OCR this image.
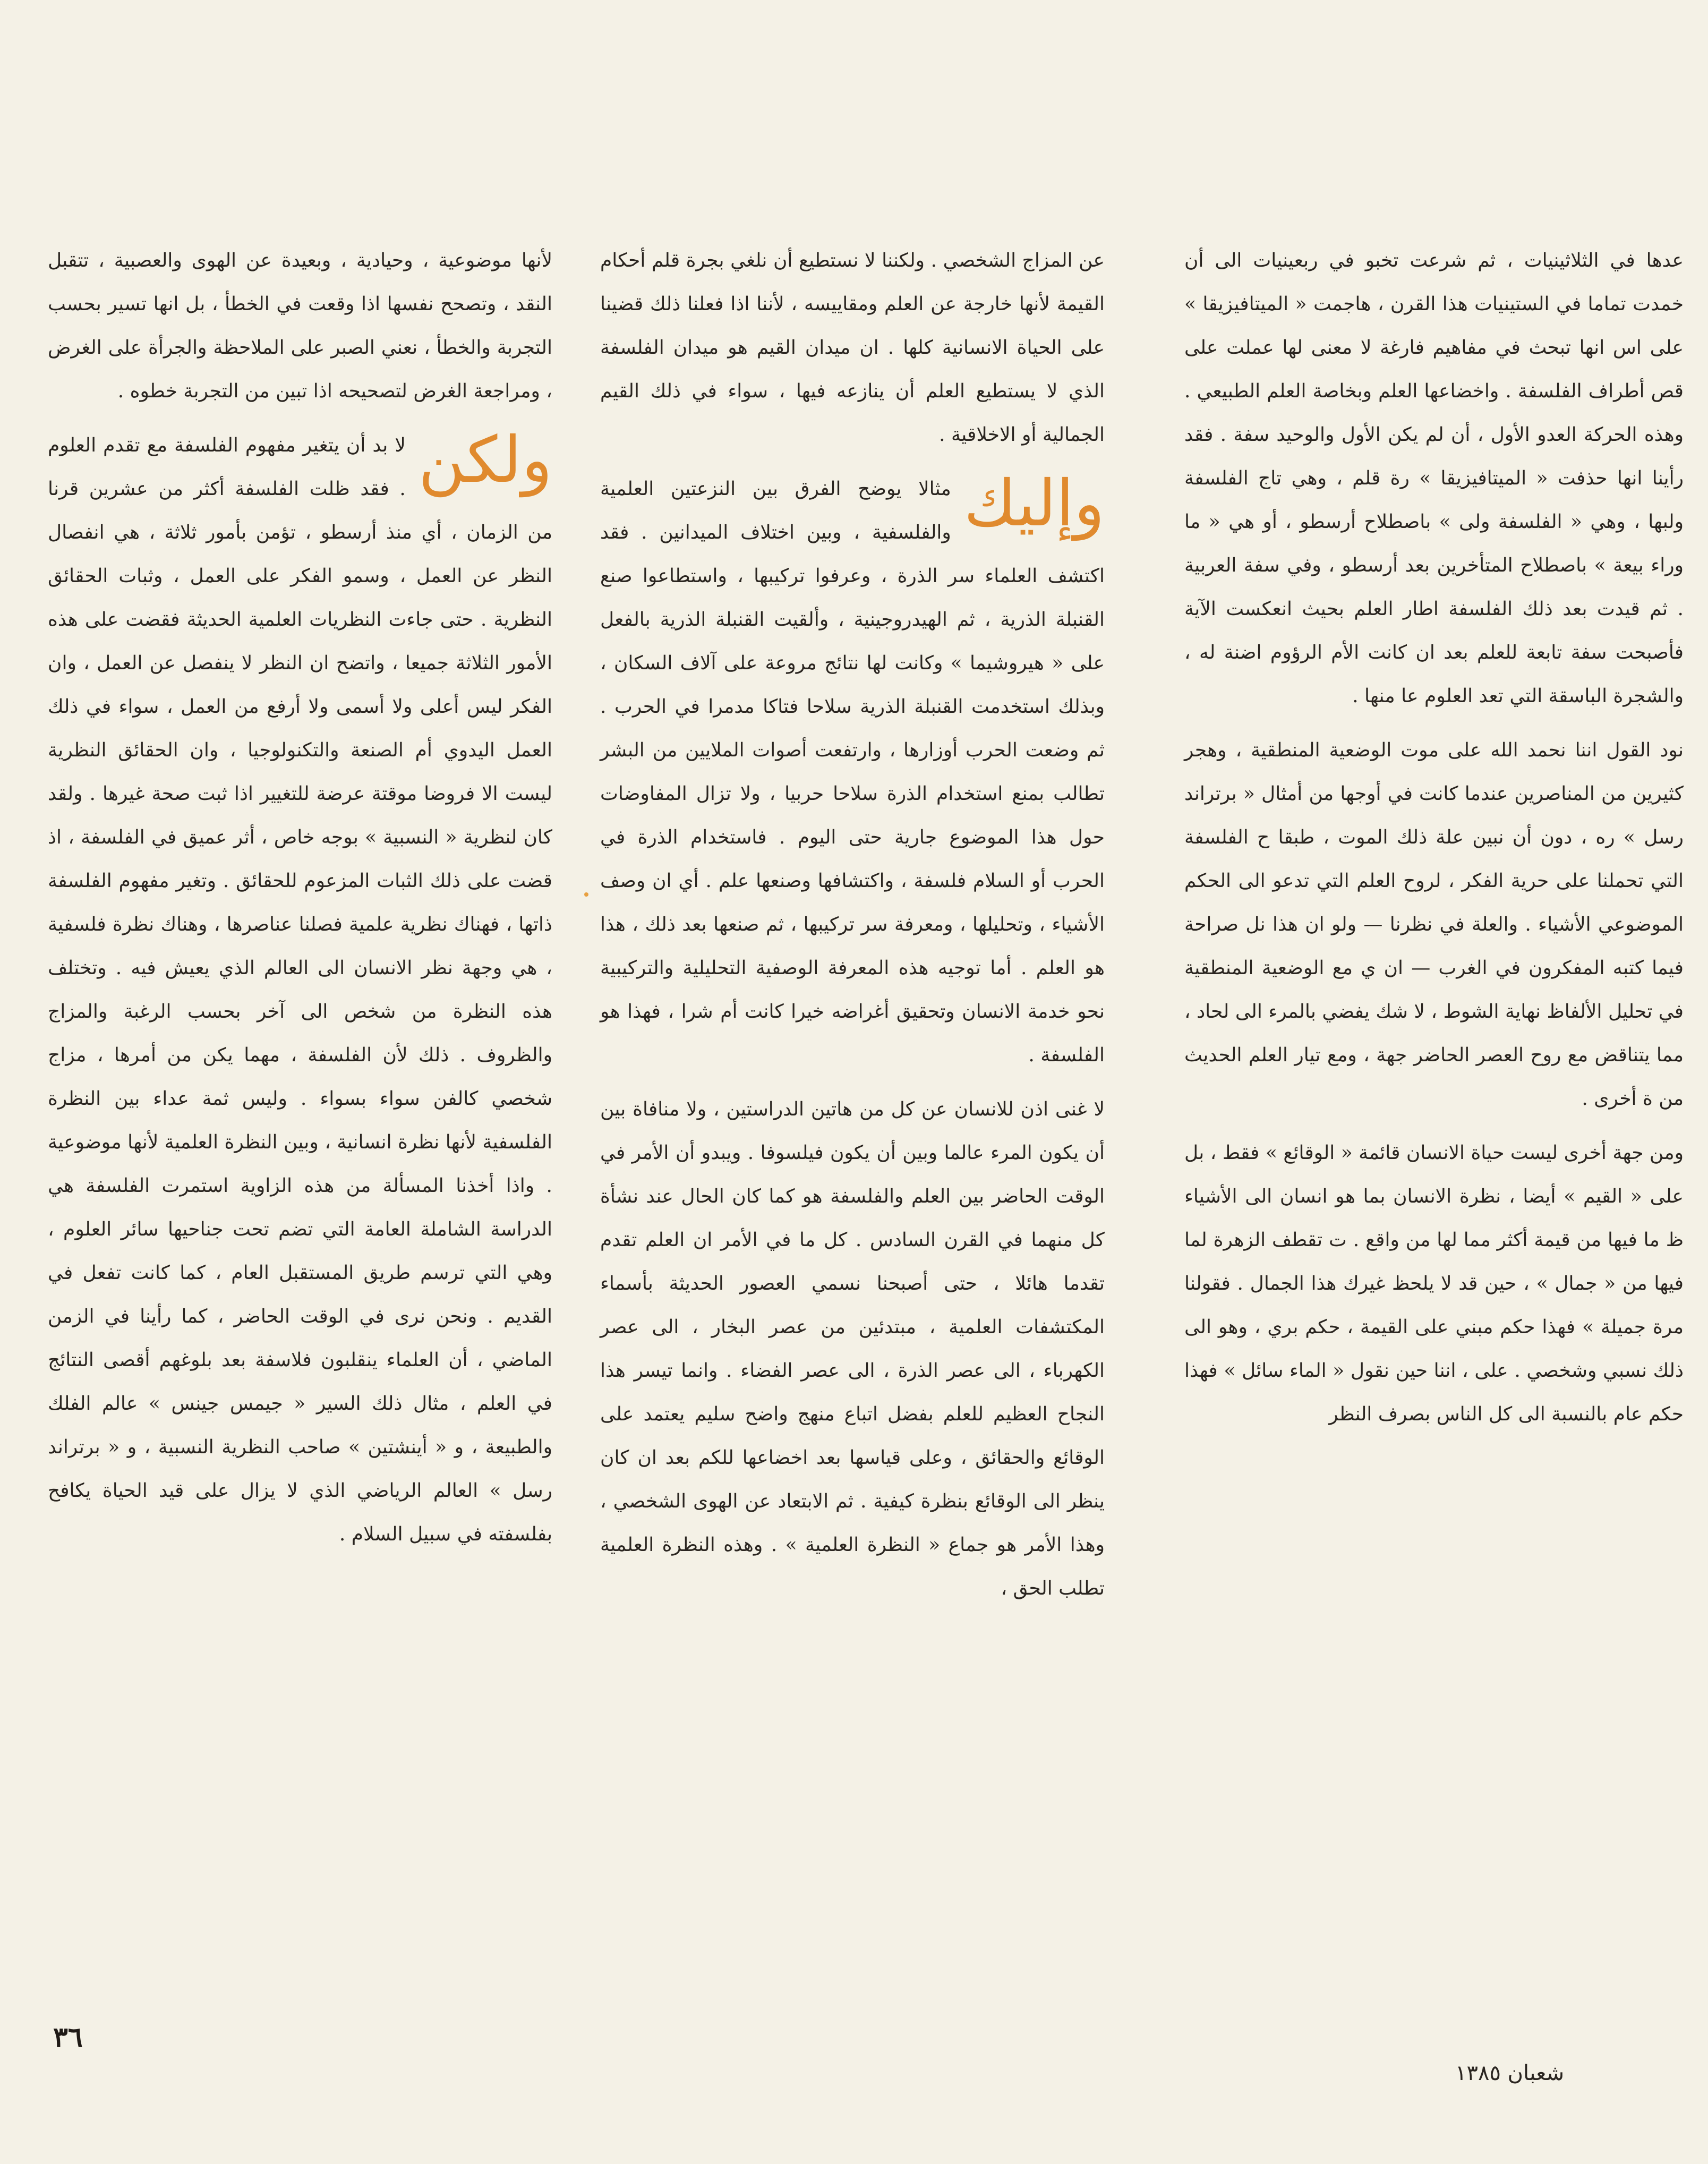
عدها في الثلاثينيات ، ثم شرعت تخبو في ربعينيات الى أن خمدت تماما في الستينيات هذا القرن ، هاجمت « الميتافيزيقا » على اس انها تبحث في مفاهيم فارغة لا معنى لها عملت على قص أطراف الفلسفة . واخضاعها العلم وبخاصة العلم الطبيعي . وهذه الحركة العدو الأول ، أن لم يكن الأول والوحيد سفة . فقد رأينا انها حذفت « الميتافيزيقا » رة قلم ، وهي تاج الفلسفة ولبها ، وهي « الفلسفة ولى » باصطلاح أرسطو ، أو هي « ما وراء بيعة » باصطلاح المتأخرين بعد أرسطو ، وفي سفة العربية . ثم قيدت بعد ذلك الفلسفة اطار العلم بحيث انعكست الآية فأصبحت سفة تابعة للعلم بعد ان كانت الأم الرؤوم اضنة له ، والشجرة الباسقة التي تعد العلوم عا منها .

نود القول اننا نحمد الله على موت الوضعية المنطقية ، وهجر كثيرين من المناصرين عندما كانت في أوجها من أمثال « برتراند رسل » ره ، دون أن نبين علة ذلك الموت ، طبقا ح الفلسفة التي تحملنا على حرية الفكر ، لروح العلم التي تدعو الى الحكم الموضوعي الأشياء . والعلة في نظرنا — ولو ان هذا نل صراحة فيما كتبه المفكرون في الغرب — ان ي مع الوضعية المنطقية في تحليل الألفاظ نهاية الشوط ، لا شك يفضي بالمرء الى لحاد ، مما يتناقض مع روح العصر الحاضر جهة ، ومع تيار العلم الحديث من ة أخرى .

ومن جهة أخرى ليست حياة الانسان قائمة « الوقائع » فقط ، بل على « القيم » أيضا ، نظرة الانسان بما هو انسان الى الأشياء ظ ما فيها من قيمة أكثر مما لها من واقع . ت تقطف الزهرة لما فيها من « جمال » ، حين قد لا يلحظ غيرك هذا الجمال . فقولنا مرة جميلة » فهذا حكم مبني على القيمة ، حكم بري ، وهو الى ذلك نسبي وشخصي . على ، اننا حين نقول « الماء سائل » فهذا حكم عام بالنسبة الى كل الناس بصرف النظر

عن المزاج الشخصي . ولكننا لا نستطيع أن نلغي بجرة قلم أحكام القيمة لأنها خارجة عن العلم ومقاييسه ، لأننا اذا فعلنا ذلك قضينا على الحياة الانسانية كلها . ان ميدان القيم هو ميدان الفلسفة الذي لا يستطيع العلم أن ينازعه فيها ، سواء في ذلك القيم الجمالية أو الاخلاقية .

وإليك
مثالا يوضح الفرق بين النزعتين العلمية والفلسفية ، وبين اختلاف الميدانين . فقد اكتشف العلماء سر الذرة ، وعرفوا تركيبها ، واستطاعوا صنع القنبلة الذرية ، ثم الهيدروجينية ، وألقيت القنبلة الذرية بالفعل على « هيروشيما » وكانت لها نتائج مروعة على آلاف السكان ، وبذلك استخدمت القنبلة الذرية سلاحا فتاكا مدمرا في الحرب . ثم وضعت الحرب أوزارها ، وارتفعت أصوات الملايين من البشر تطالب بمنع استخدام الذرة سلاحا حربيا ، ولا تزال المفاوضات حول هذا الموضوع جارية حتى اليوم . فاستخدام الذرة في الحرب أو السلام فلسفة ، واكتشافها وصنعها علم . أي ان وصف الأشياء ، وتحليلها ، ومعرفة سر تركيبها ، ثم صنعها بعد ذلك ، هذا هو العلم . أما توجيه هذه المعرفة الوصفية التحليلية والتركيبية نحو خدمة الانسان وتحقيق أغراضه خيرا كانت أم شرا ، فهذا هو الفلسفة .

لا غنى اذن للانسان عن كل من هاتين الدراستين ، ولا منافاة بين أن يكون المرء عالما وبين أن يكون فيلسوفا . ويبدو أن الأمر في الوقت الحاضر بين العلم والفلسفة هو كما كان الحال عند نشأة كل منهما في القرن السادس . كل ما في الأمر ان العلم تقدم تقدما هائلا ، حتى أصبحنا نسمي العصور الحديثة بأسماء المكتشفات العلمية ، مبتدئين من عصر البخار ، الى عصر الكهرباء ، الى عصر الذرة ، الى عصر الفضاء . وانما تيسر هذا النجاح العظيم للعلم بفضل اتباع منهج واضح سليم يعتمد على الوقائع والحقائق ، وعلى قياسها بعد اخضاعها للكم بعد ان كان ينظر الى الوقائع بنظرة كيفية . ثم الابتعاد عن الهوى الشخصي ، وهذا الأمر هو جماع « النظرة العلمية » . وهذه النظرة العلمية تطلب الحق ،

لأنها موضوعية ، وحيادية ، وبعيدة عن الهوى والعصبية ، تتقبل النقد ، وتصحح نفسها اذا وقعت في الخطأ ، بل انها تسير بحسب التجربة والخطأ ، نعني الصبر على الملاحظة والجرأة على الغرض ، ومراجعة الغرض لتصحيحه اذا تبين من التجربة خطوه .

ولكن
لا بد أن يتغير مفهوم الفلسفة مع تقدم العلوم . فقد ظلت الفلسفة أكثر من عشرين قرنا من الزمان ، أي منذ أرسطو ، تؤمن بأمور ثلاثة ، هي انفصال النظر عن العمل ، وسمو الفكر على العمل ، وثبات الحقائق النظرية . حتى جاءت النظريات العلمية الحديثة فقضت على هذه الأمور الثلاثة جميعا ، واتضح ان النظر لا ينفصل عن العمل ، وان الفكر ليس أعلى ولا أسمى ولا أرفع من العمل ، سواء في ذلك العمل اليدوي أم الصنعة والتكنولوجيا ، وان الحقائق النظرية ليست الا فروضا موقتة عرضة للتغيير اذا ثبت صحة غيرها . ولقد كان لنظرية « النسبية » بوجه خاص ، أثر عميق في الفلسفة ، اذ قضت على ذلك الثبات المزعوم للحقائق . وتغير مفهوم الفلسفة ذاتها ، فهناك نظرية علمية فصلنا عناصرها ، وهناك نظرة فلسفية ، هي وجهة نظر الانسان الى العالم الذي يعيش فيه . وتختلف هذه النظرة من شخص الى آخر بحسب الرغبة والمزاج والظروف . ذلك لأن الفلسفة ، مهما يكن من أمرها ، مزاج شخصي كالفن سواء بسواء . وليس ثمة عداء بين النظرة الفلسفية لأنها نظرة انسانية ، وبين النظرة العلمية لأنها موضوعية . واذا أخذنا المسألة من هذه الزاوية استمرت الفلسفة هي الدراسة الشاملة العامة التي تضم تحت جناحيها سائر العلوم ، وهي التي ترسم طريق المستقبل العام ، كما كانت تفعل في القديم . ونحن نرى في الوقت الحاضر ، كما رأينا في الزمن الماضي ، أن العلماء ينقلبون فلاسفة بعد بلوغهم أقصى النتائج في العلم ، مثال ذلك السير « جيمس جينس » عالم الفلك والطبيعة ، و « أينشتين » صاحب النظرية النسبية ، و « برتراند رسل » العالم الرياضي الذي لا يزال على قيد الحياة يكافح بفلسفته في سبيل السلام .

٣٦
شعبان ١٣٨٥
